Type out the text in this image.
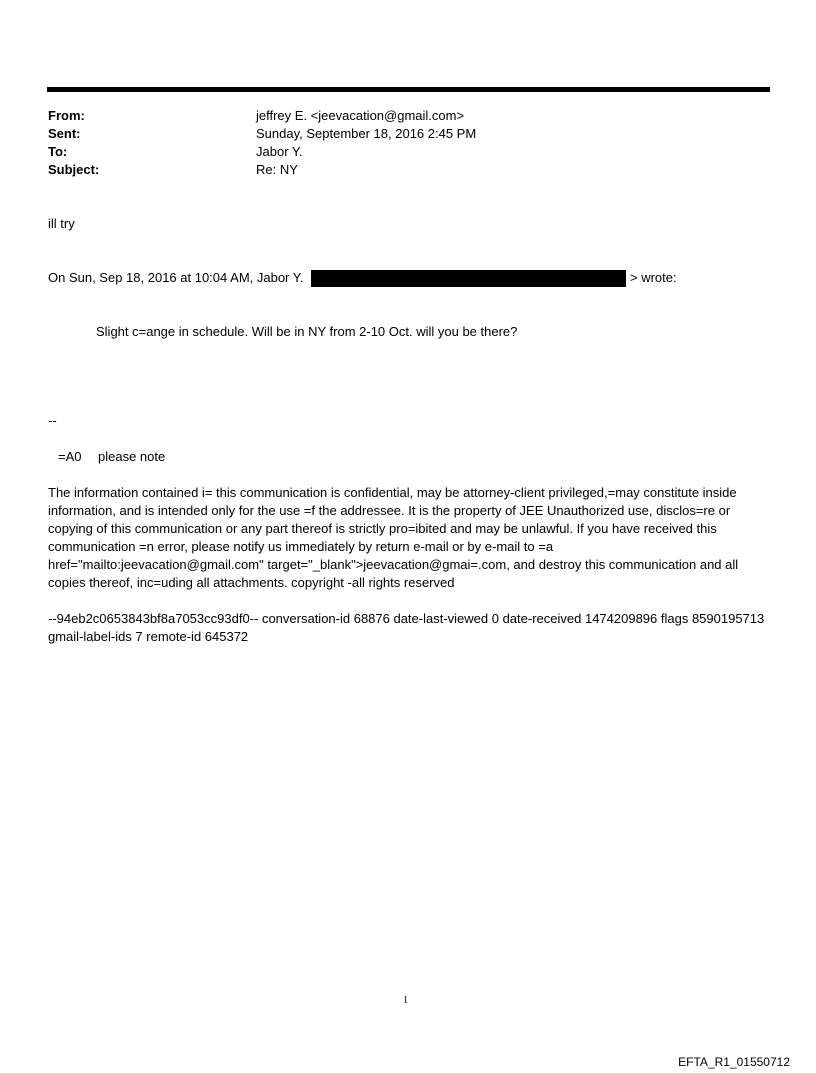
From:	jeffrey E. <jeevacation@gmail.com>
Sent:	Sunday, September 18, 2016 2:45 PM
To:	Jabor Y.
Subject:	Re: NY
ill try
On Sun, Sep 18, 2016 at 10:04 AM, Jabor Y.	> wrote:
Slight c=ange in schedule. Will be in NY from 2-10 Oct. will you be there?
--
=A0 please note
The information contained i= this communication is confidential, may be attorney-client privileged,=may constitute inside information, and is intended only for the use =f the addressee. It is the property of JEE Unauthorized use, disclos=re or copying of this communication or any part thereof is strictly pro=ibited and may be unlawful. If you have received this communication =n error, please notify us immediately by return e-mail or by e-mail to =a href="mailto:jeevacation@gmail.com" target="_blank">jeevacation@gmai=.com, and destroy this communication and all copies thereof, inc=uding all attachments. copyright -all rights reserved
--94eb2c0653843bf8a7053cc93df0-- conversation-id 68876 date-last-viewed 0 date-received 1474209896 flags 8590195713 gmail-label-ids 7 remote-id 645372
1
EFTA_R1_01550712
